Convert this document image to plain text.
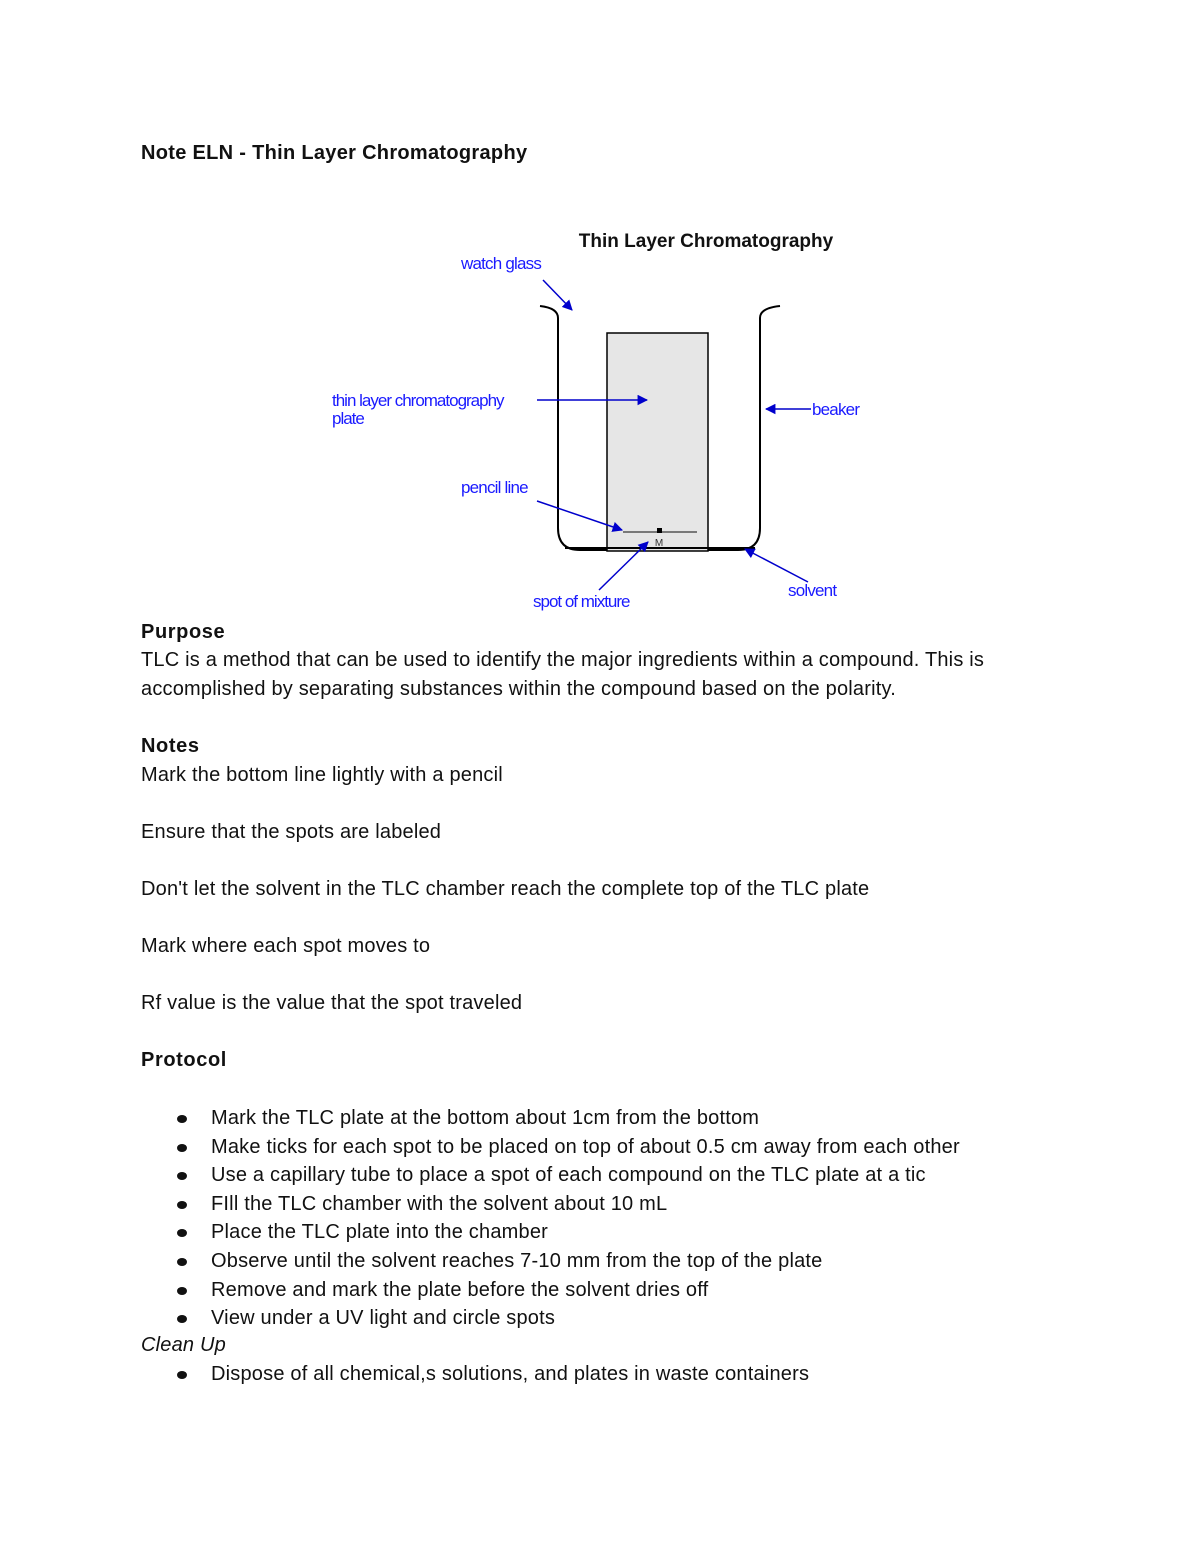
Note ELN - Thin Layer Chromatography
Thin Layer Chromatography
M
watch glass
thin layer chromatography
plate	beaker
pencil line
spot of mixture
solvent
Purpose

TLC is a method that can be used to identify the major ingredients within a compound. This is accomplished by separating substances within the compound based on the polarity.

Notes

Mark the bottom line lightly with a pencil

Ensure that the spots are labeled

Don't let the solvent in the TLC chamber reach the complete top of the TLC plate

Mark where each spot moves to

Rf value is the value that the spot traveled

Protocol
Mark the TLC plate at the bottom about 1cm from the bottom
Make ticks for each spot to be placed on top of about 0.5 cm away from each other
Use a capillary tube to place a spot of each compound on the TLC plate at a tic
FIll the TLC chamber with the solvent about 10 mL
Place the TLC plate into the chamber
Observe until the solvent reaches 7-10 mm from the top of the plate
Remove and mark the plate before the solvent dries off
View under a UV light and circle spots

Clean Up

Dispose of all chemical,s solutions, and plates in waste containers
